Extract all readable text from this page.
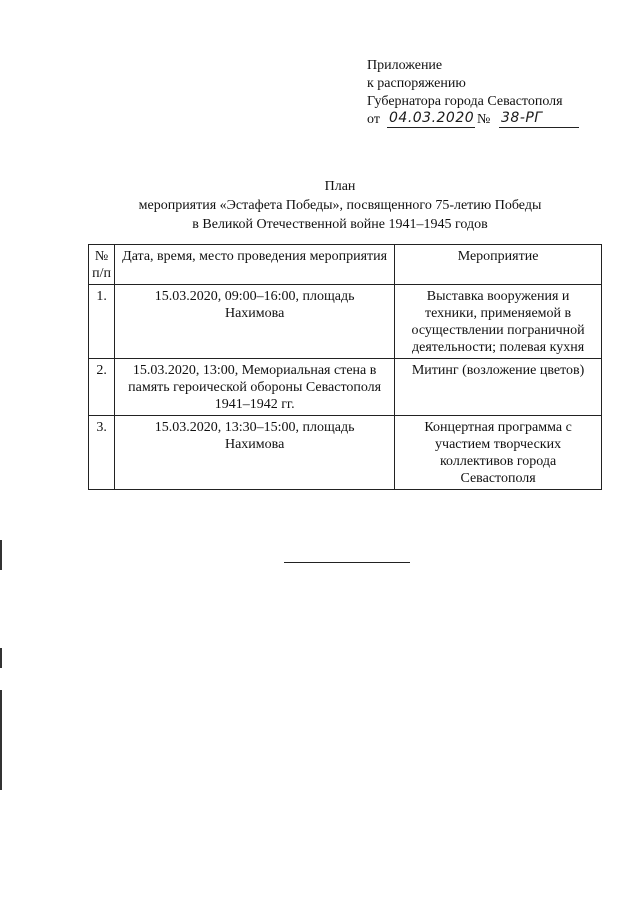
Приложение
к распоряжению
Губернатора города Севастополя
от 04.03.2020 № 38-РГ
План
мероприятия «Эстафета Победы», посвященного 75-летию Победы
в Великой Отечественной войне 1941–1945 годов
№
п/п	Дата, время, место проведения мероприятия	Мероприятие
1.	15.03.2020, 09:00–16:00, площадь Нахимова	Выставка вооружения и техники, применяемой в осуществлении пограничной деятельности; полевая кухня
2.	15.03.2020, 13:00, Мемориальная стена в память героической обороны Севастополя 1941–1942 гг.	Митинг (возложение цветов)
3.	15.03.2020, 13:30–15:00, площадь Нахимова	Концертная программа с участием творческих коллективов города Севастополя
